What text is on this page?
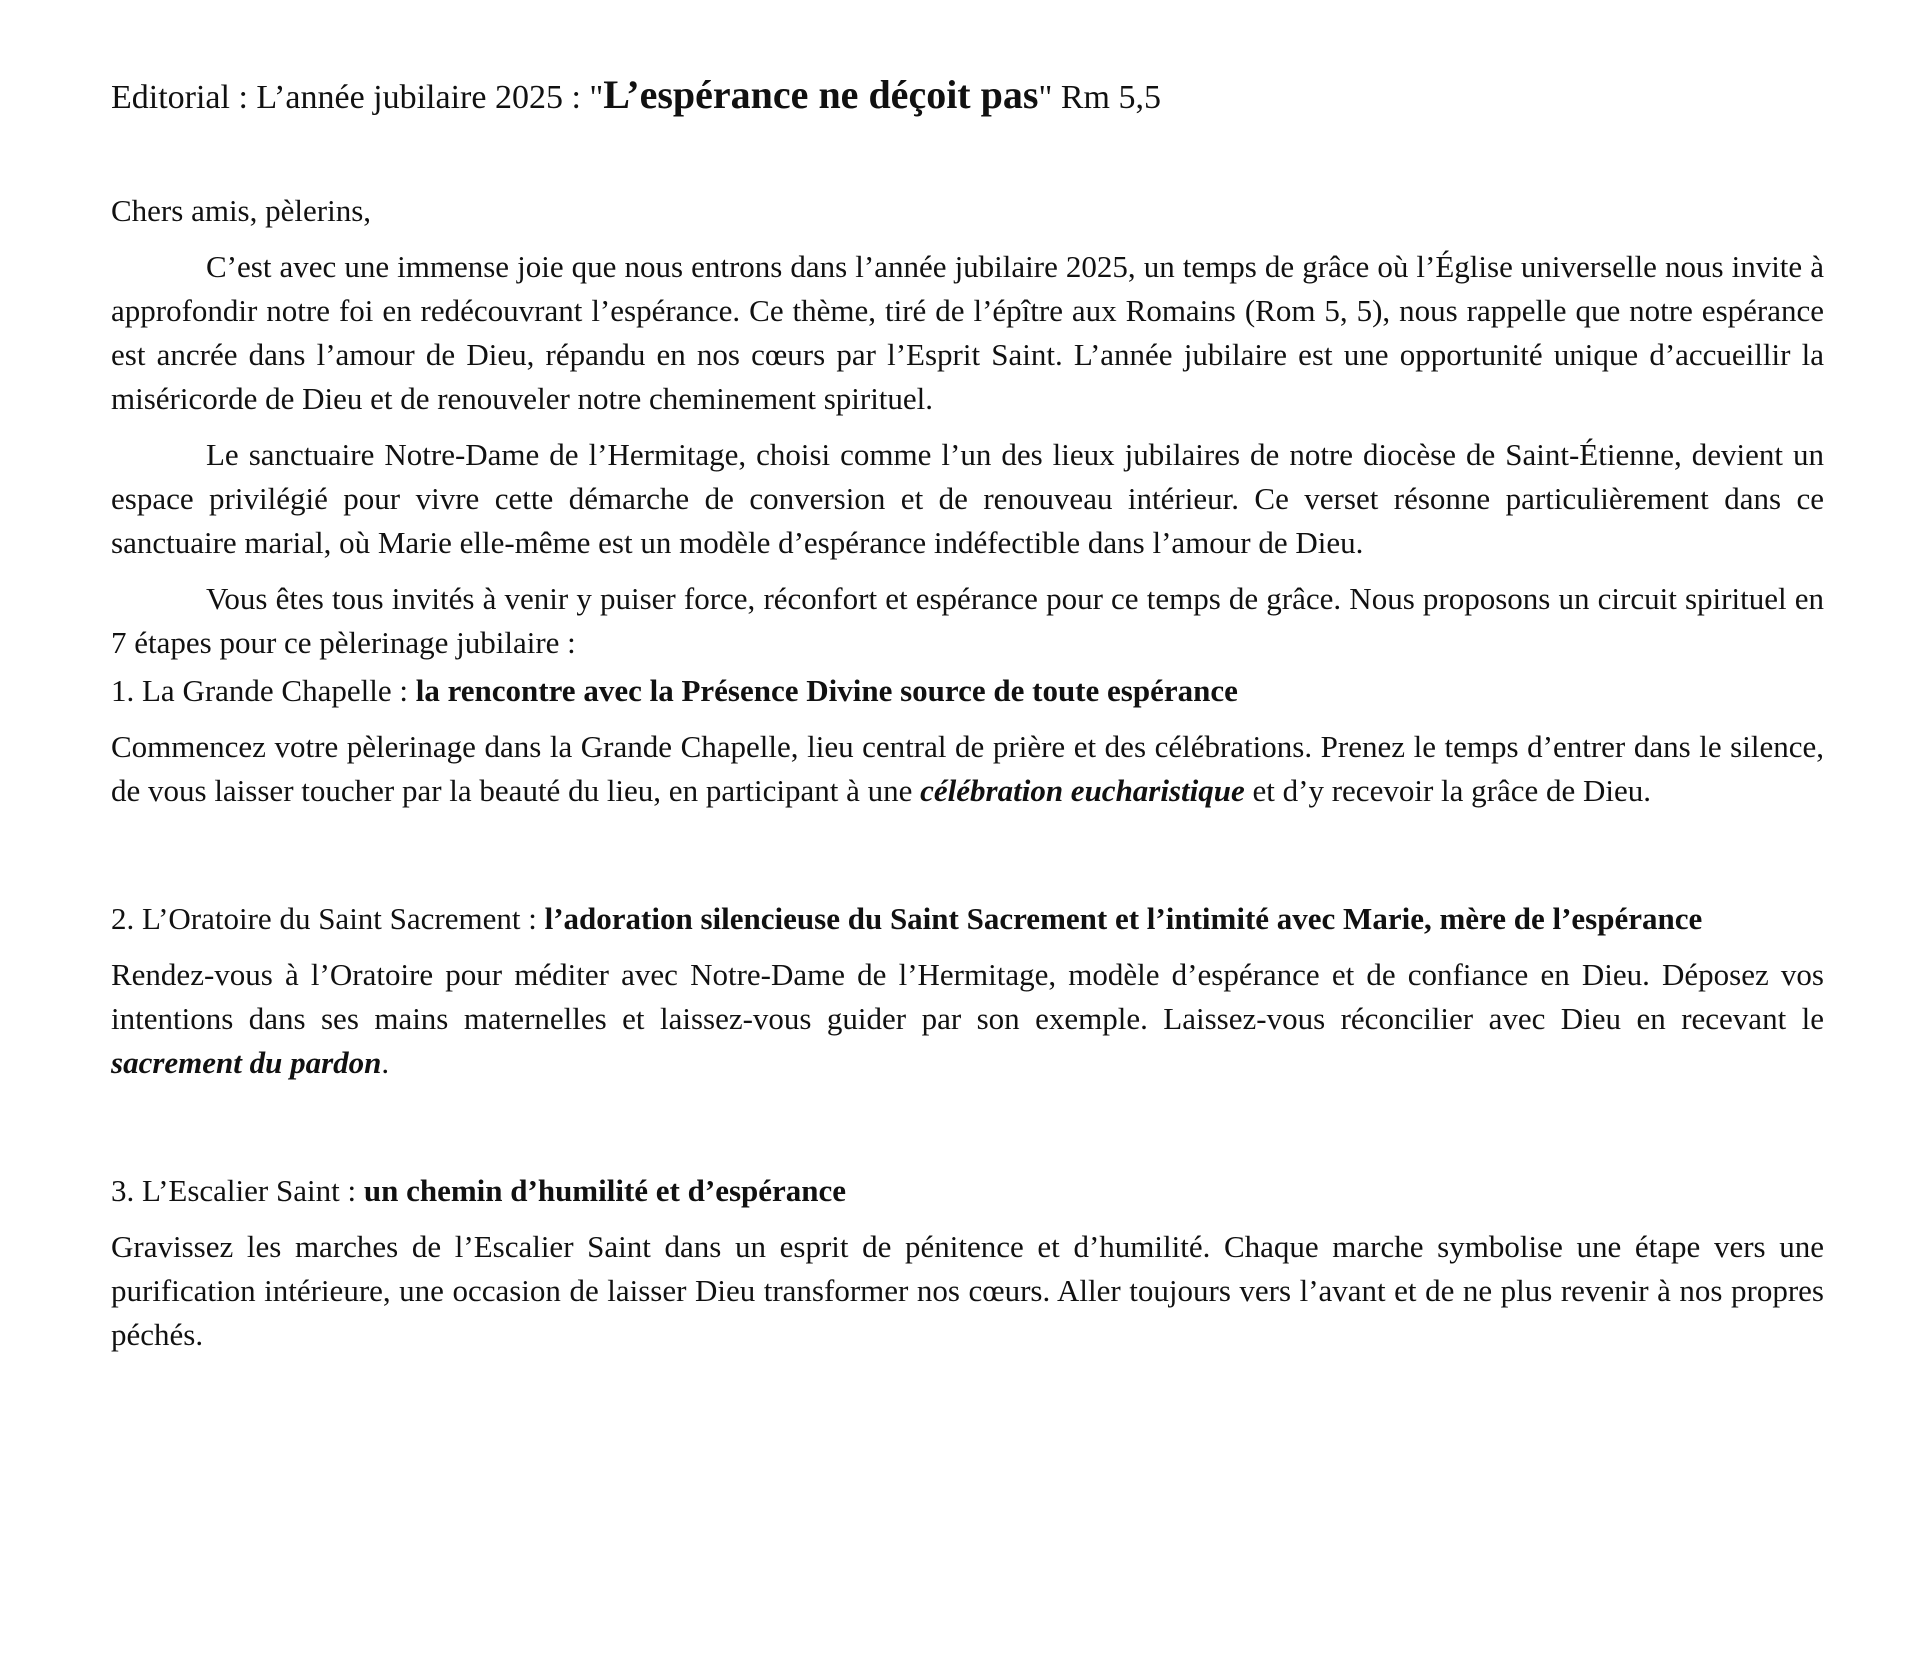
Editorial : L’année jubilaire 2025 : "L’espérance ne déçoit pas" Rm 5,5

Chers amis, pèlerins,

C’est avec une immense joie que nous entrons dans l’année jubilaire 2025, un temps de grâce où l’Église universelle nous invite à approfondir notre foi en redécouvrant l’espérance. Ce thème, tiré de l’épître aux Romains (Rom 5, 5), nous rappelle que notre espérance est ancrée dans l’amour de Dieu, répandu en nos cœurs par l’Esprit Saint. L’année jubilaire est une opportunité unique d’accueillir la miséricorde de Dieu et de renouveler notre cheminement spirituel.

Le sanctuaire Notre-Dame de l’Hermitage, choisi comme l’un des lieux jubilaires de notre diocèse de Saint-Étienne, devient un espace privilégié pour vivre cette démarche de conversion et de renouveau intérieur. Ce verset résonne particulièrement dans ce sanctuaire marial, où Marie elle-même est un modèle d’espérance indéfectible dans l’amour de Dieu.

Vous êtes tous invités à venir y puiser force, réconfort et espérance pour ce temps de grâce. Nous proposons un circuit spirituel en 7 étapes pour ce pèlerinage jubilaire :

1. La Grande Chapelle : la rencontre avec la Présence Divine source de toute espérance

Commencez votre pèlerinage dans la Grande Chapelle, lieu central de prière et des célébrations. Prenez le temps d’entrer dans le silence, de vous laisser toucher par la beauté du lieu, en participant à une célébration eucharistique et d’y recevoir la grâce de Dieu.

2. L’Oratoire du Saint Sacrement : l’adoration silencieuse du Saint Sacrement et l’intimité avec Marie, mère de l’espérance

Rendez-vous à l’Oratoire pour méditer avec Notre-Dame de l’Hermitage, modèle d’espérance et de confiance en Dieu. Déposez vos intentions dans ses mains maternelles et laissez-vous guider par son exemple. Laissez-vous réconcilier avec Dieu en recevant le sacrement du pardon.

3. L’Escalier Saint : un chemin d’humilité et d’espérance

Gravissez les marches de l’Escalier Saint dans un esprit de pénitence et d’humilité. Chaque marche symbolise une étape vers une purification intérieure, une occasion de laisser Dieu transformer nos cœurs. Aller toujours vers l’avant et de ne plus revenir à nos propres péchés.
